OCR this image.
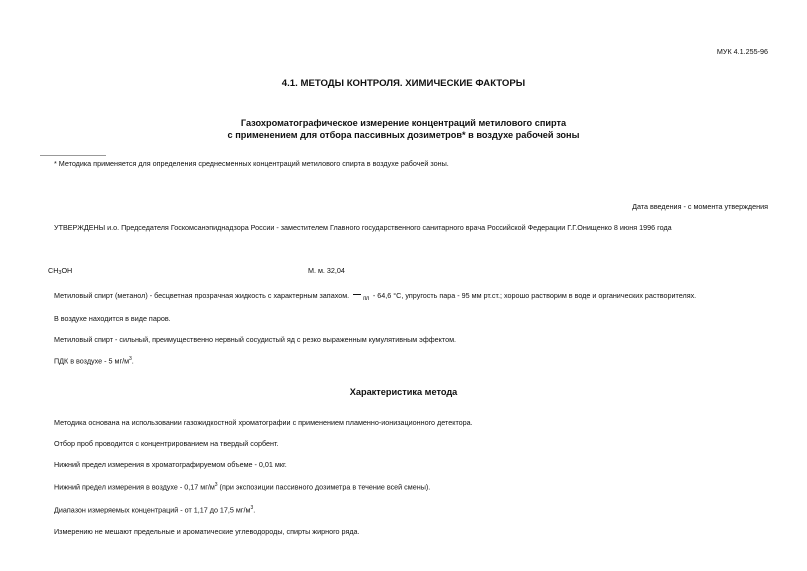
МУК 4.1.255-96
4.1. МЕТОДЫ КОНТРОЛЯ. ХИМИЧЕСКИЕ ФАКТОРЫ
Газохроматографическое измерение концентраций метилового спирта
с применением для отбора пассивных дозиметров* в воздухе рабочей зоны
* Методика применяется для определения среднесменных концентраций метилового спирта в воздухе рабочей зоны.
Дата введения - с момента утверждения
УТВЕРЖДЕНЫ и.о. Председателя Госкомсанэпиднадзора России - заместителем Главного государственного санитарного врача Российской Федерации Г.Г.Онищенко 8 июня 1996 года
$CH_3OH$	М. м. 32,04
Метиловый спирт (метанол) - бесцветная прозрачная жидкость с характерным запахом. $_{пл}$ - 64,6 °С, упругость пара - 95 мм рт.ст.; хорошо растворим в воде и органических растворителях.
В воздухе находится в виде паров.
Метиловый спирт - сильный, преимущественно нервный сосудистый яд с резко выраженным кумулятивным эффектом.
ПДК в воздухе - 5 $мг/м^3$.
Характеристика метода
Методика основана на использовании газожидкостной хроматографии с применением пламенно-ионизационного детектора.
Отбор проб проводится с концентрированием на твердый сорбент.
Нижний предел измерения в хроматографируемом объеме - 0,01 мкг.
Нижний предел измерения в воздухе - 0,17 $мг/м^3$ (при экспозиции пассивного дозиметра в течение всей смены).
Диапазон измеряемых концентраций - от 1,17 до 17,5 $мг/м^3$.
Измерению не мешают предельные и ароматические углеводороды, спирты жирного ряда.
